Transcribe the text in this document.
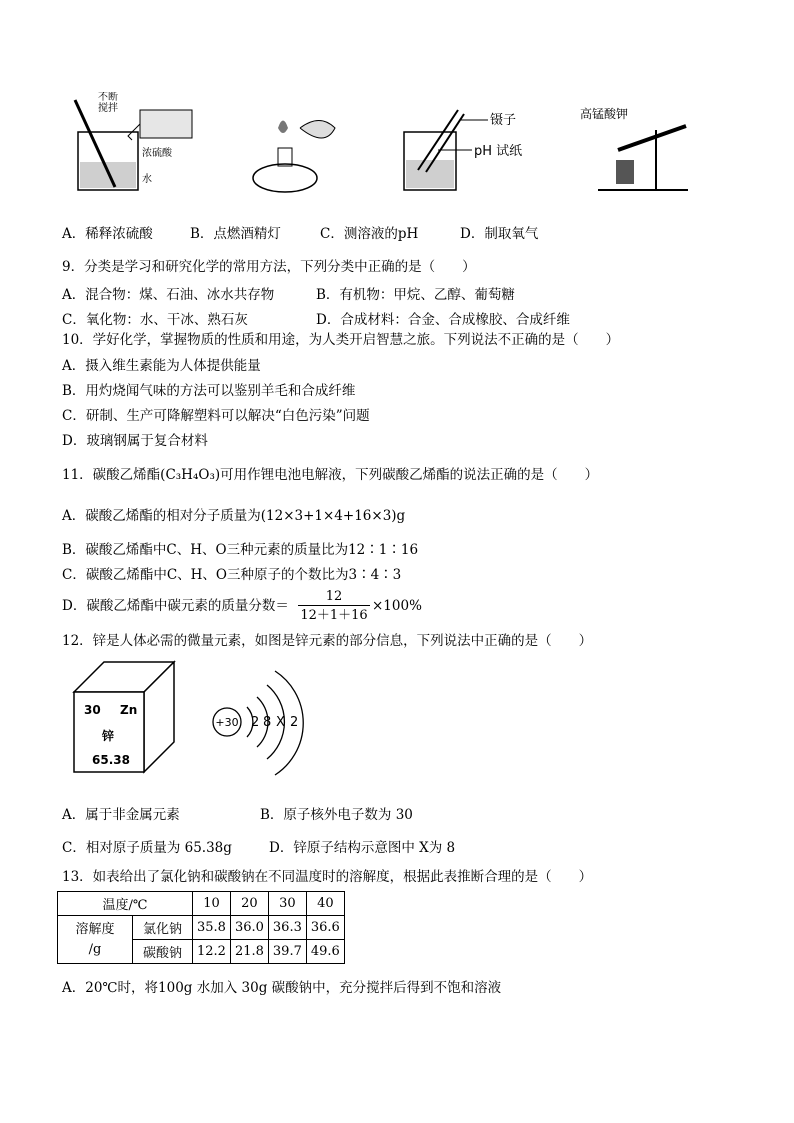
不断搅拌
浓硫酸
水
镊子
pH 试纸
高锰酸钾
A．稀释浓硫酸	B．点燃酒精灯	C．测溶液的pH	D．制取氧气
9．分类是学习和研究化学的常用方法，下列分类中正确的是（　　）
A．混合物：煤、石油、冰水共存物	B．有机物：甲烷、乙醇、葡萄糖
C．氧化物：水、干冰、熟石灰	D．合成材料：合金、合成橡胶、合成纤维
10．学好化学，掌握物质的性质和用途，为人类开启智慧之旅。下列说法不正确的是（　　）
A．摄入维生素能为人体提供能量
B．用灼烧闻气味的方法可以鉴别羊毛和合成纤维
C．研制、生产可降解塑料可以解决“白色污染”问题
D．玻璃钢属于复合材料
11．碳酸乙烯酯(C₃H₄O₃)可用作锂电池电解液，下列碳酸乙烯酯的说法正确的是（　　）
A．碳酸乙烯酯的相对分子质量为(12×3+1×4+16×3)g
B．碳酸乙烯酯中C、H、O三种元素的质量比为12∶1∶16
C．碳酸乙烯酯中C、H、O三种原子的个数比为3∶4∶3
D．碳酸乙烯酯中碳元素的质量分数＝
12
12＋1＋16
×100%
12．锌是人体必需的微量元素，如图是锌元素的部分信息，下列说法中正确的是（　　）
30 Zn
锌
65.38
+30 2 8 X 2
A．属于非金属元素	B．原子核外电子数为 30
C．相对原子质量为 65.38g	D．锌原子结构示意图中 X为 8
13．如表给出了氯化钠和碳酸钠在不同温度时的溶解度，根据此表推断合理的是（　　）
温度/℃		10	20	30	40
溶解度
/g	氯化钠	35.8	36.0	36.3	36.6
	碳酸钠	12.2	21.8	39.7	49.6
A．20℃时，将100g 水加入 30g 碳酸钠中，充分搅拌后得到不饱和溶液
